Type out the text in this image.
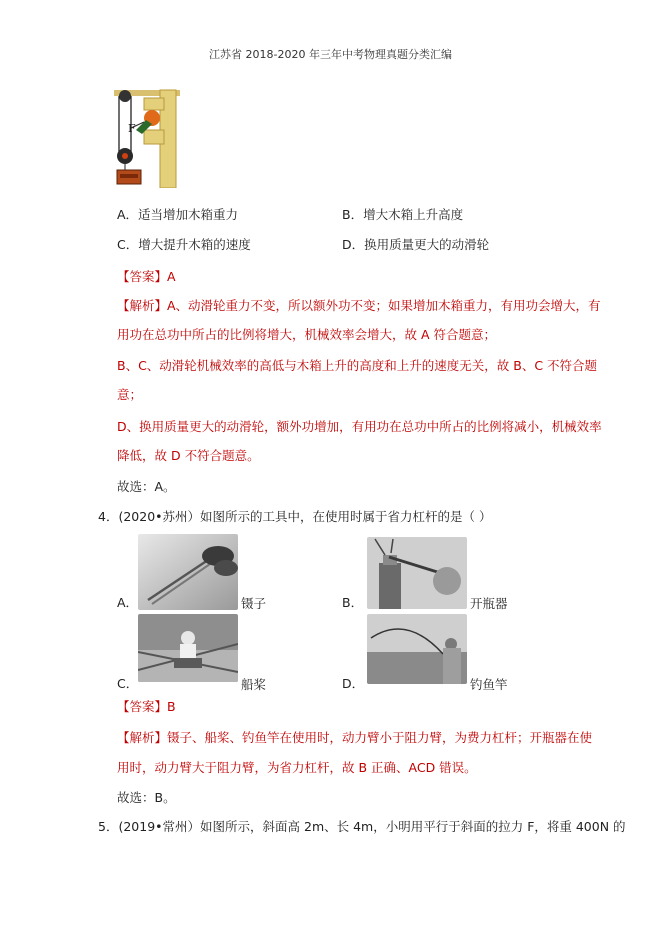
江苏省 2018-2020 年三年中考物理真题分类汇编
F
A．适当增加木箱重力	B．增大木箱上升高度
C．增大提升木箱的速度	D．换用质量更大的动滑轮
【答案】A
【解析】A、动滑轮重力不变，所以额外功不变；如果增加木箱重力，有用功会增大，有
用功在总功中所占的比例将增大，机械效率会增大，故 A 符合题意；
B、C、动滑轮机械效率的高低与木箱上升的高度和上升的速度无关，故 B、C 不符合题
意；
D、换用质量更大的动滑轮，额外功增加，有用功在总功中所占的比例将减小，机械效率
降低，故 D 不符合题意。
故选：A。
4．(2020•苏州）如图所示的工具中，在使用时属于省力杠杆的是（ ）
A．	镊子	B．	开瓶器
C．	船桨	D．	钓鱼竿
【答案】B
【解析】镊子、船桨、钓鱼竿在使用时，动力臂小于阻力臂，为费力杠杆；开瓶器在使
用时，动力臂大于阻力臂，为省力杠杆，故 B 正确、ACD 错误。
故选：B。
5．(2019•常州）如图所示，斜面高 2m、长 4m，小明用平行于斜面的拉力 F，将重 400N 的
